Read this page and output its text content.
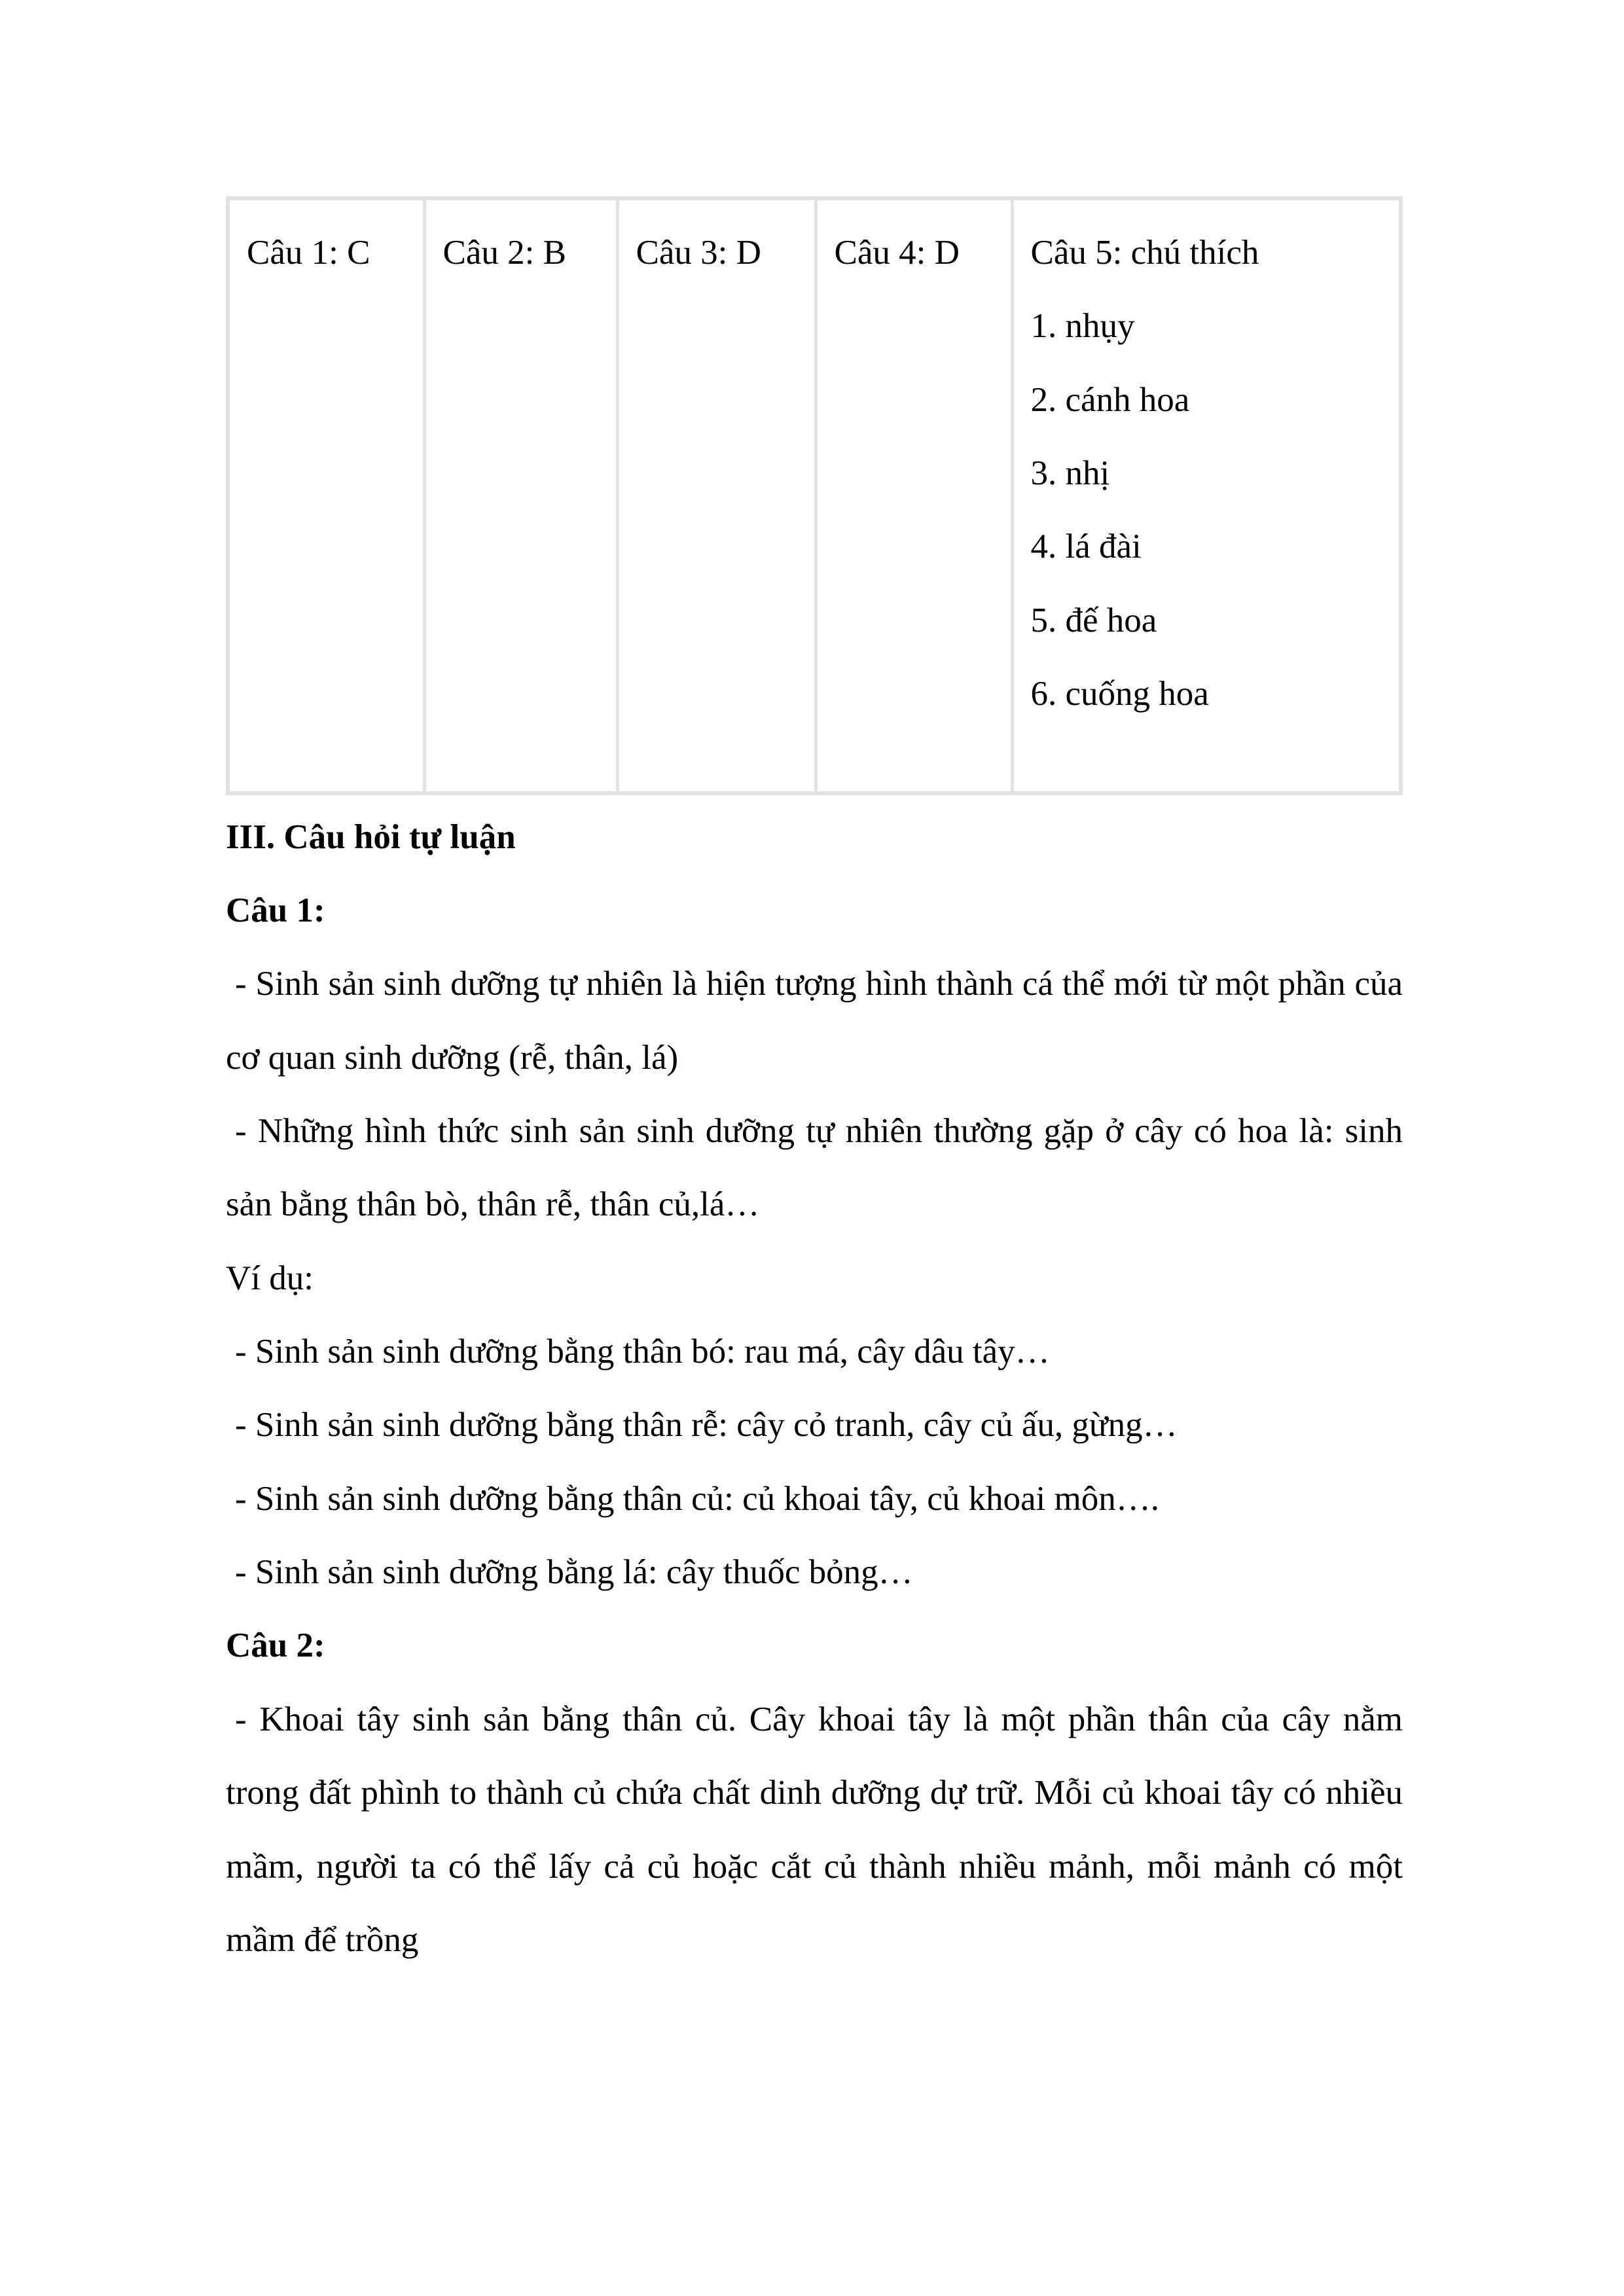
Câu 1: C	Câu 2: B	Câu 3: D	Câu 4: D	Câu 5: chú thích
1. nhụy
2. cánh hoa
3. nhị
4. lá đài
5. đế hoa
6. cuống hoa
III. Câu hỏi tự luận
Câu 1:

- Sinh sản sinh dưỡng tự nhiên là hiện tượng hình thành cá thể mới từ một phần của cơ quan sinh dưỡng (rễ, thân, lá)

- Những hình thức sinh sản sinh dưỡng tự nhiên thường gặp ở cây có hoa là: sinh sản bằng thân bò, thân rễ, thân củ,lá…

Ví dụ:

- Sinh sản sinh dưỡng bằng thân bó: rau má, cây dâu tây…

- Sinh sản sinh dưỡng bằng thân rễ: cây cỏ tranh, cây củ ấu, gừng…

- Sinh sản sinh dưỡng bằng thân củ: củ khoai tây, củ khoai môn….

- Sinh sản sinh dưỡng bằng lá: cây thuốc bỏng…

Câu 2:

- Khoai tây sinh sản bằng thân củ. Cây khoai tây là một phần thân của cây nằm trong đất phình to thành củ chứa chất dinh dưỡng dự trữ. Mỗi củ khoai tây có nhiều mầm, người ta có thể lấy cả củ hoặc cắt củ thành nhiều mảnh, mỗi mảnh có một mầm để trồng
